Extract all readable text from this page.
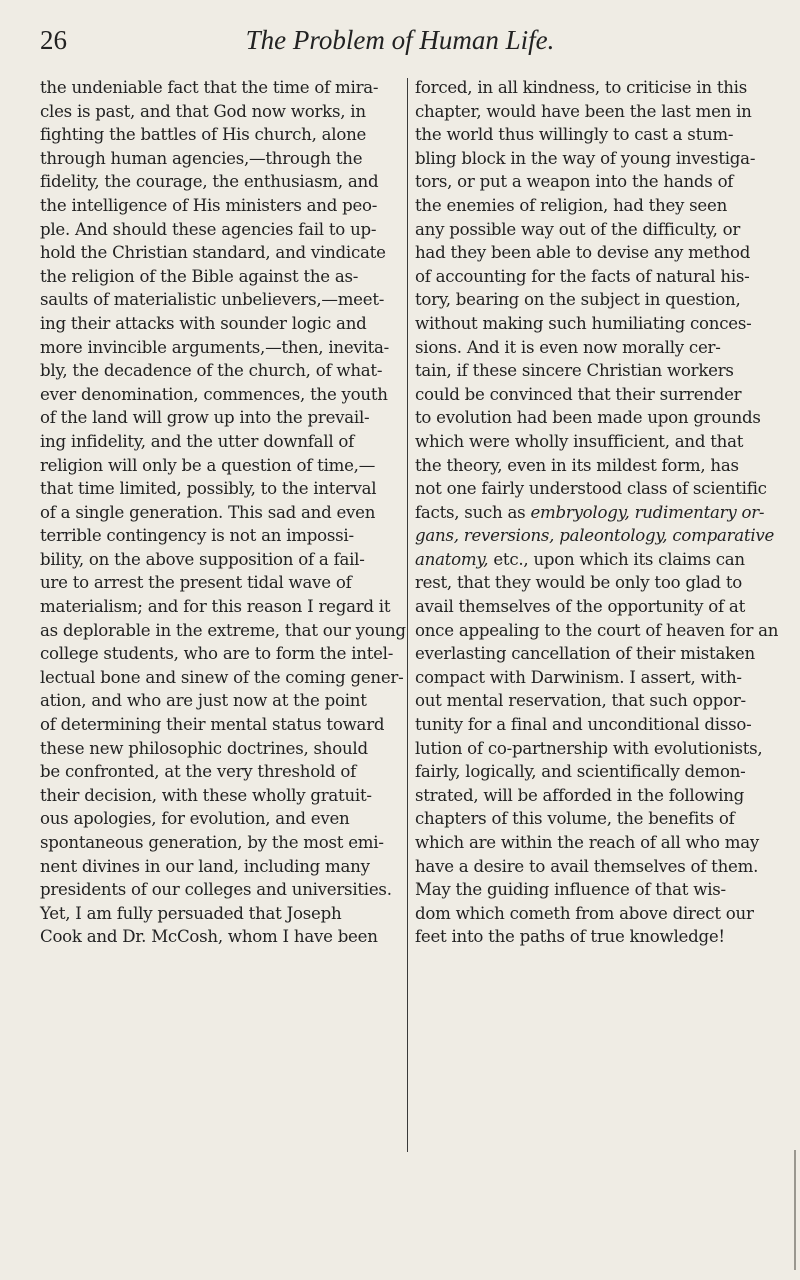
26	The Problem of Human Life.
the undeniable fact that the time of mira-
cles is past, and that God now works, in
fighting the battles of His church, alone
through human agencies,—through the
fidelity, the courage, the enthusiasm, and
the intelligence of His ministers and peo-
ple. And should these agencies fail to up-
hold the Christian standard, and vindicate
the religion of the Bible against the as-
saults of materialistic unbelievers,—meet-
ing their attacks with sounder logic and
more invincible arguments,—then, inevita-
bly, the decadence of the church, of what-
ever denomination, commences, the youth
of the land will grow up into the prevail-
ing infidelity, and the utter downfall of
religion will only be a question of time,—
that time limited, possibly, to the interval
of a single generation. This sad and even
terrible contingency is not an impossi-
bility, on the above supposition of a fail-
ure to arrest the present tidal wave of
materialism; and for this reason I regard it
as deplorable in the extreme, that our young
college students, who are to form the intel-
lectual bone and sinew of the coming gener-
ation, and who are just now at the point
of determining their mental status toward
these new philosophic doctrines, should
be confronted, at the very threshold of
their decision, with these wholly gratuit-
ous apologies, for evolution, and even
spontaneous generation, by the most emi-
nent divines in our land, including many
presidents of our colleges and universities.
Yet, I am fully persuaded that Joseph
Cook and Dr. McCosh, whom I have been
forced, in all kindness, to criticise in this
chapter, would have been the last men in
the world thus willingly to cast a stum-
bling block in the way of young investiga-
tors, or put a weapon into the hands of
the enemies of religion, had they seen
any possible way out of the difficulty, or
had they been able to devise any method
of accounting for the facts of natural his-
tory, bearing on the subject in question,
without making such humiliating conces-
sions. And it is even now morally cer-
tain, if these sincere Christian workers
could be convinced that their surrender
to evolution had been made upon grounds
which were wholly insufficient, and that
the theory, even in its mildest form, has
not one fairly understood class of scientific
facts, such as embryology, rudimentary or-
gans, reversions, paleontology, comparative
anatomy, etc., upon which its claims can
rest, that they would be only too glad to
avail themselves of the opportunity of at
once appealing to the court of heaven for an
everlasting cancellation of their mistaken
compact with Darwinism. I assert, with-
out mental reservation, that such oppor-
tunity for a final and unconditional disso-
lution of co-partnership with evolutionists,
fairly, logically, and scientifically demon-
strated, will be afforded in the following
chapters of this volume, the benefits of
which are within the reach of all who may
have a desire to avail themselves of them.
May the guiding influence of that wis-
dom which cometh from above direct our
feet into the paths of true knowledge!
